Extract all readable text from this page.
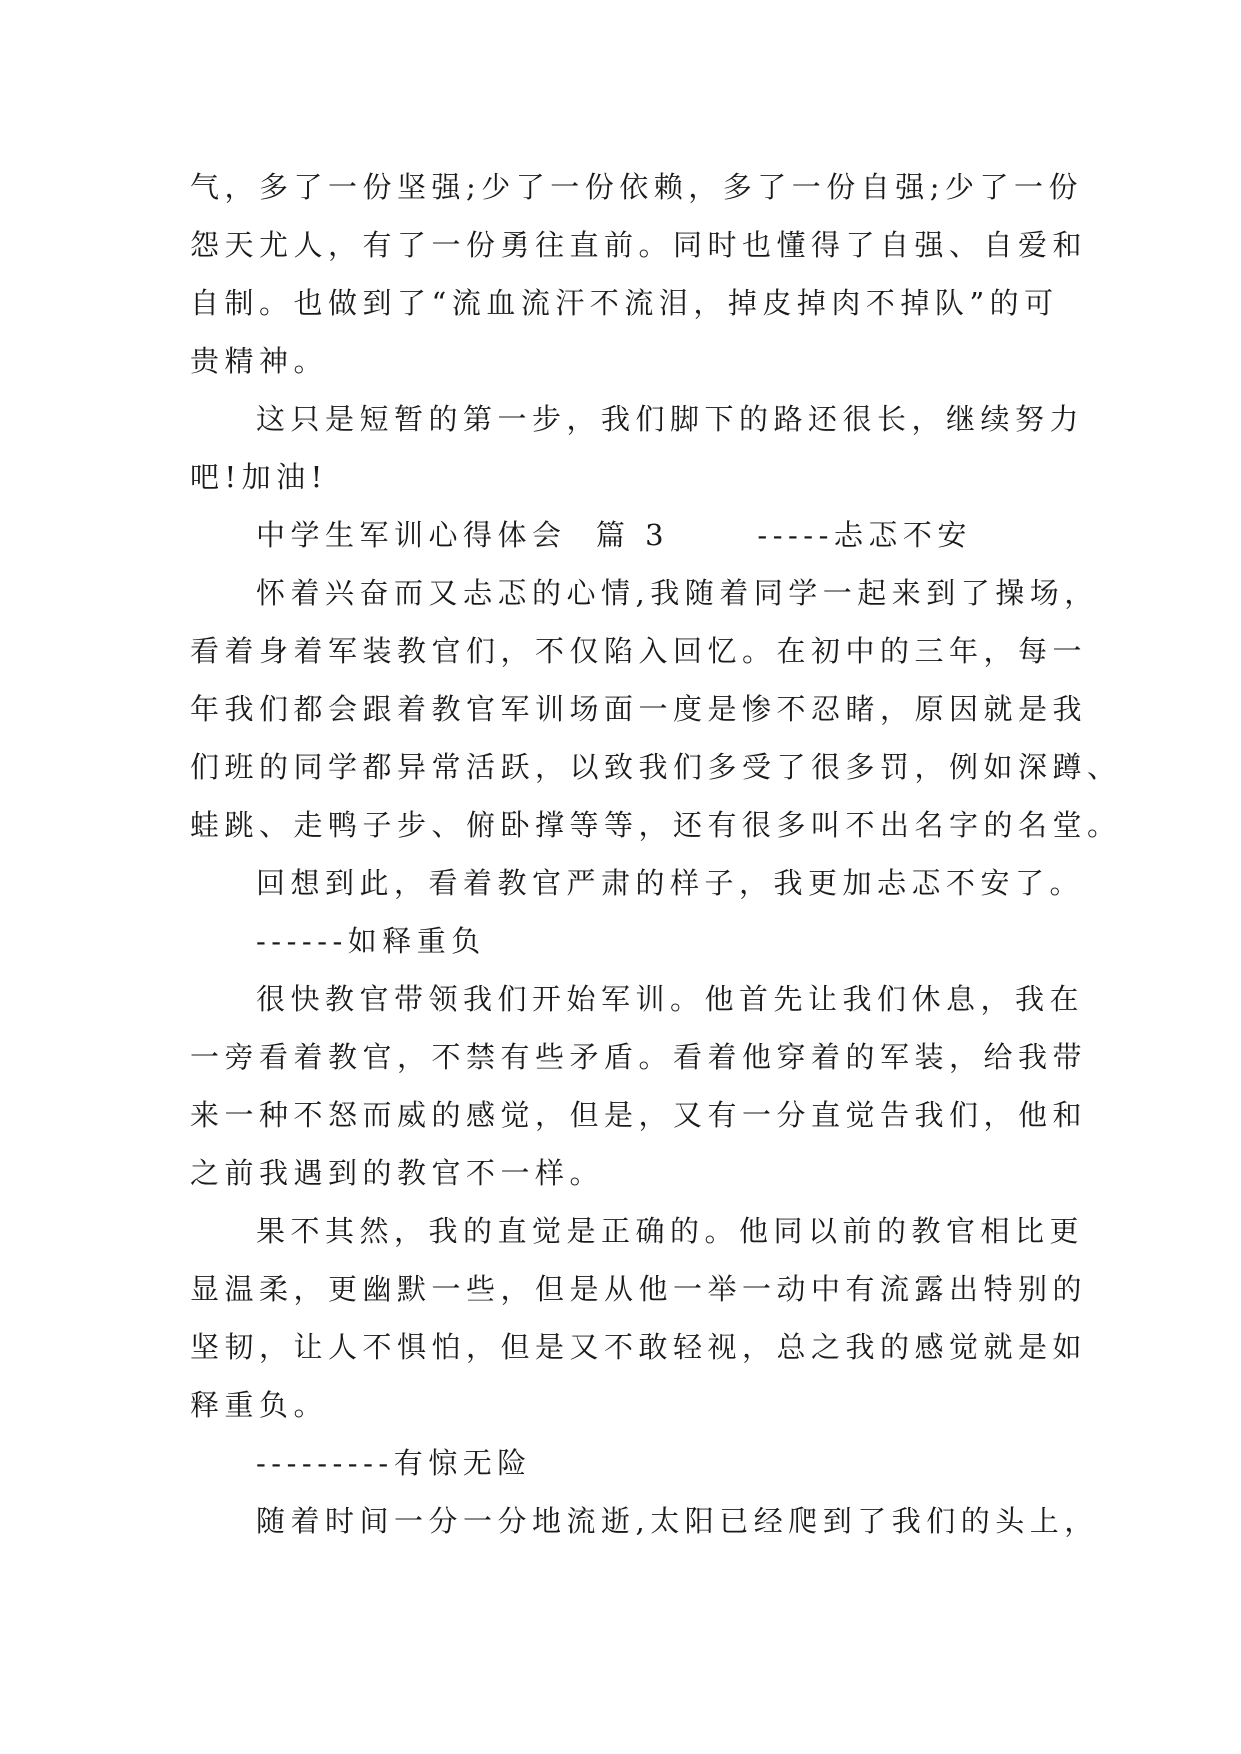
气，多了一份坚强;少了一份依赖，多了一份自强;少了一份
怨天尤人，有了一份勇往直前。同时也懂得了自强、自爱和
自制。也做到了“流血流汗不流泪，掉皮掉肉不掉队”的可
贵精神。
这只是短暂的第一步，我们脚下的路还很长，继续努力
吧!加油!
中学生军训心得体会  篇 3      -----忐忑不安
怀着兴奋而又忐忑的心情,我随着同学一起来到了操场，
看着身着军装教官们，不仅陷入回忆。在初中的三年，每一
年我们都会跟着教官军训场面一度是惨不忍睹，原因就是我
们班的同学都异常活跃，以致我们多受了很多罚，例如深蹲、
蛙跳、走鸭子步、俯卧撑等等，还有很多叫不出名字的名堂。
回想到此，看着教官严肃的样子，我更加忐忑不安了。
------如释重负
很快教官带领我们开始军训。他首先让我们休息，我在
一旁看着教官，不禁有些矛盾。看着他穿着的军装，给我带
来一种不怒而威的感觉，但是，又有一分直觉告我们，他和
之前我遇到的教官不一样。
果不其然，我的直觉是正确的。他同以前的教官相比更
显温柔，更幽默一些，但是从他一举一动中有流露出特别的
坚韧，让人不惧怕，但是又不敢轻视，总之我的感觉就是如
释重负。
---------有惊无险
随着时间一分一分地流逝,太阳已经爬到了我们的头上，
